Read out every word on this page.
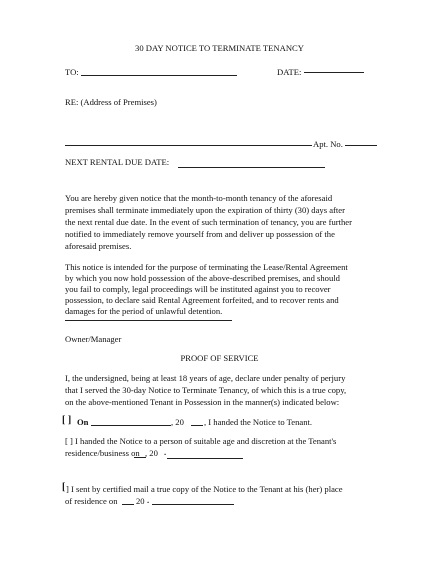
30 DAY NOTICE TO TERMINATE TENANCY
TO:	DATE:
RE: (Address of Premises)
Apt. No.
NEXT RENTAL DUE DATE:
You are hereby given notice that the month-to-month tenancy of the aforesaid
premises shall terminate immediately upon the expiration of thirty (30) days after
the next rental due date. In the event of such termination of tenancy, you are further
notified to immediately remove yourself from and deliver up possession of the
aforesaid premises.
This notice is intended for the purpose of terminating the Lease/Rental Agreement
by which you now hold possession of the above-described premises, and should
you fail to comply, legal proceedings will be instituted against you to recover
possession, to declare said Rental Agreement forfeited, and to recover rents and
damages for the period of unlawful detention.
Owner/Manager
PROOF OF SERVICE
I, the undersigned, being at least 18 years of age, declare under penalty of perjury
that I served the 30-day Notice to Terminate Tenancy, of which this is a true copy,
on the above-mentioned Tenant in Possession in the manner(s) indicated below:
[ ] On	, 20 , I handed the Notice to Tenant.
[ ] I handed the Notice to a person of suitable age and discretion at the Tenant's
residence/business on , 20 .
[ ] I sent by certified mail a true copy of the Notice to the Tenant at his (her) place
of residence on 20 .
